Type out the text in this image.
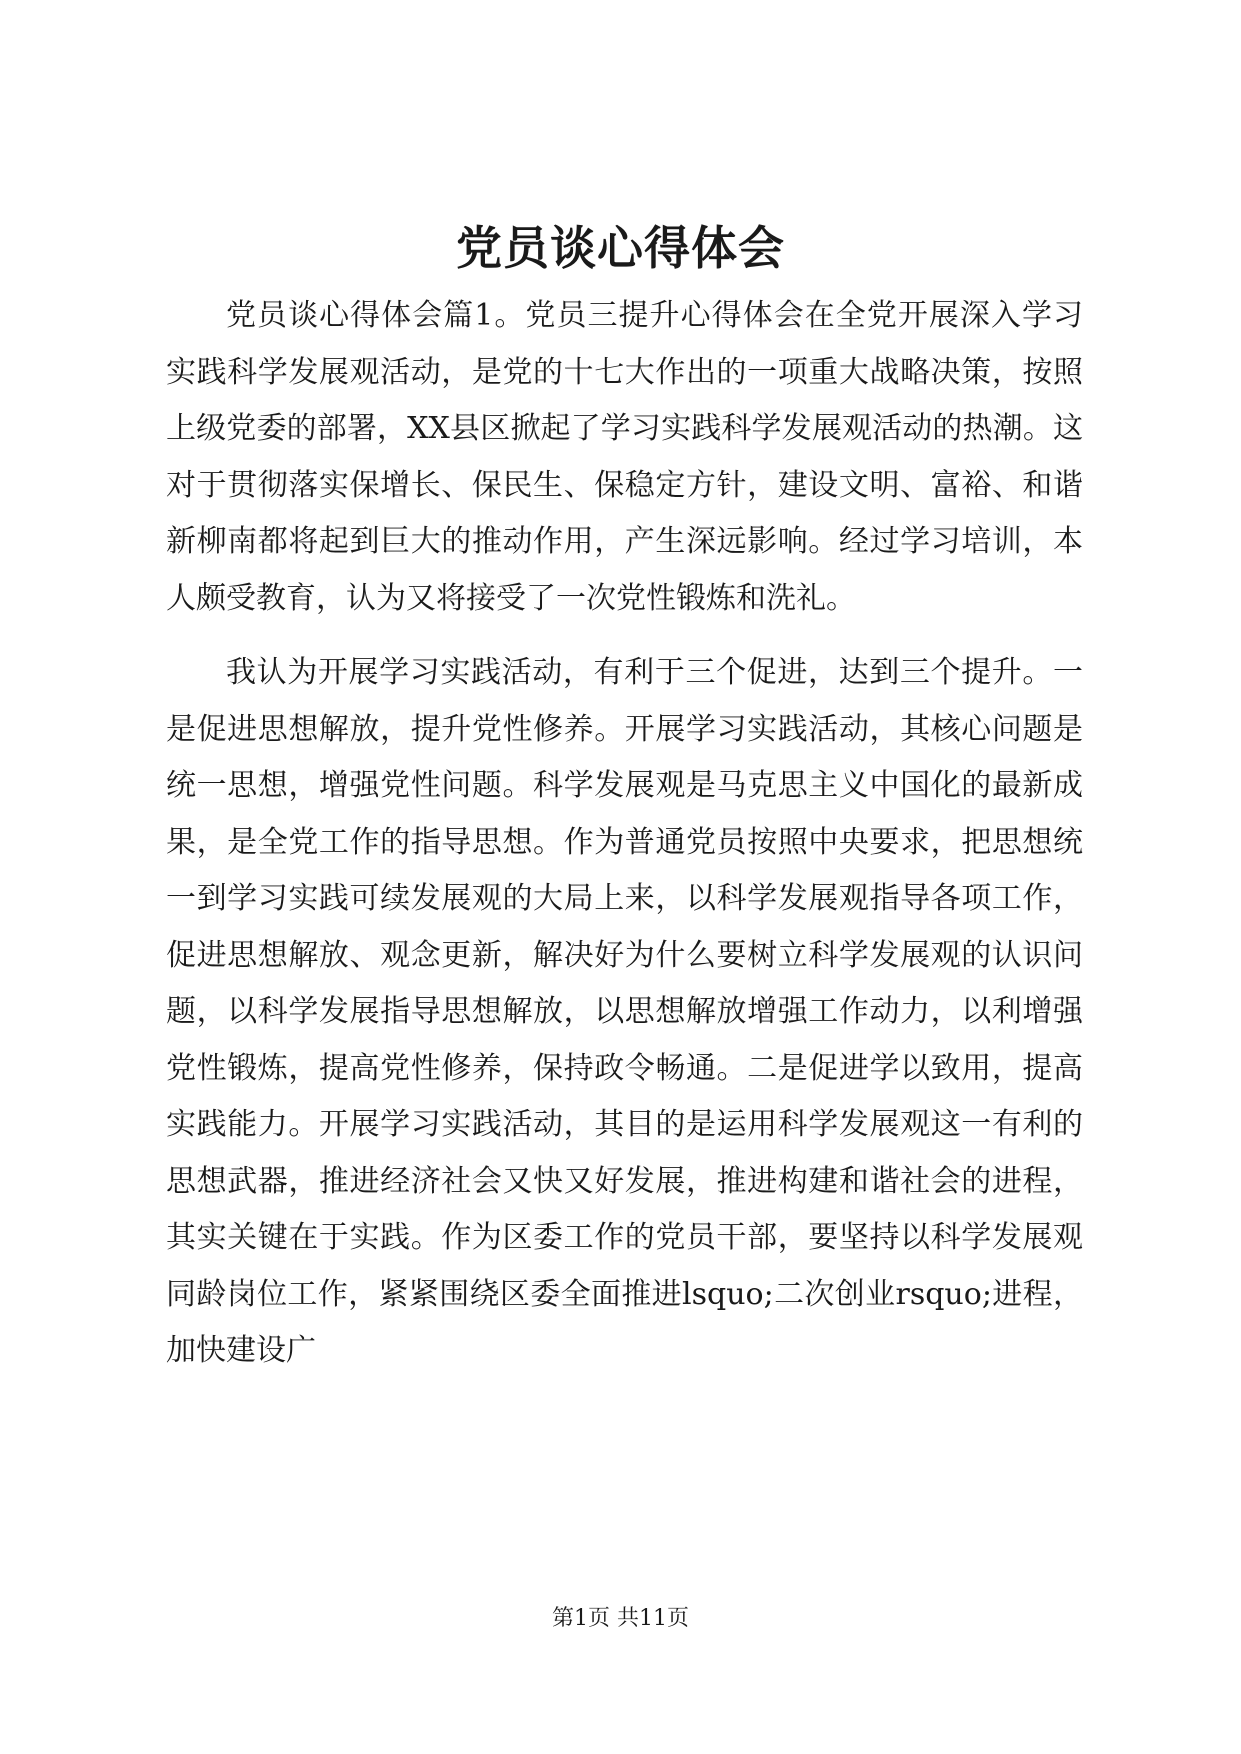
党员谈心得体会

党员谈心得体会篇1。党员三提升心得体会在全党开展深入学习实践科学发展观活动，是党的十七大作出的一项重大战略决策，按照上级党委的部署，XX县区掀起了学习实践科学发展观活动的热潮。这对于贯彻落实保增长、保民生、保稳定方针，建设文明、富裕、和谐新柳南都将起到巨大的推动作用，产生深远影响。经过学习培训，本人颇受教育，认为又将接受了一次党性锻炼和洗礼。

我认为开展学习实践活动，有利于三个促进，达到三个提升。一是促进思想解放，提升党性修养。开展学习实践活动，其核心问题是统一思想，增强党性问题。科学发展观是马克思主义中国化的最新成果，是全党工作的指导思想。作为普通党员按照中央要求，把思想统一到学习实践可续发展观的大局上来，以科学发展观指导各项工作，促进思想解放、观念更新，解决好为什么要树立科学发展观的认识问题，以科学发展指导思想解放，以思想解放增强工作动力，以利增强党性锻炼，提高党性修养，保持政令畅通。二是促进学以致用，提高实践能力。开展学习实践活动，其目的是运用科学发展观这一有利的思想武器，推进经济社会又快又好发展，推进构建和谐社会的进程，其实关键在于实践。作为区委工作的党员干部，要坚持以科学发展观同龄岗位工作，紧紧围绕区委全面推进lsquo;二次创业rsquo;进程，加快建设广

第1页 共11页
